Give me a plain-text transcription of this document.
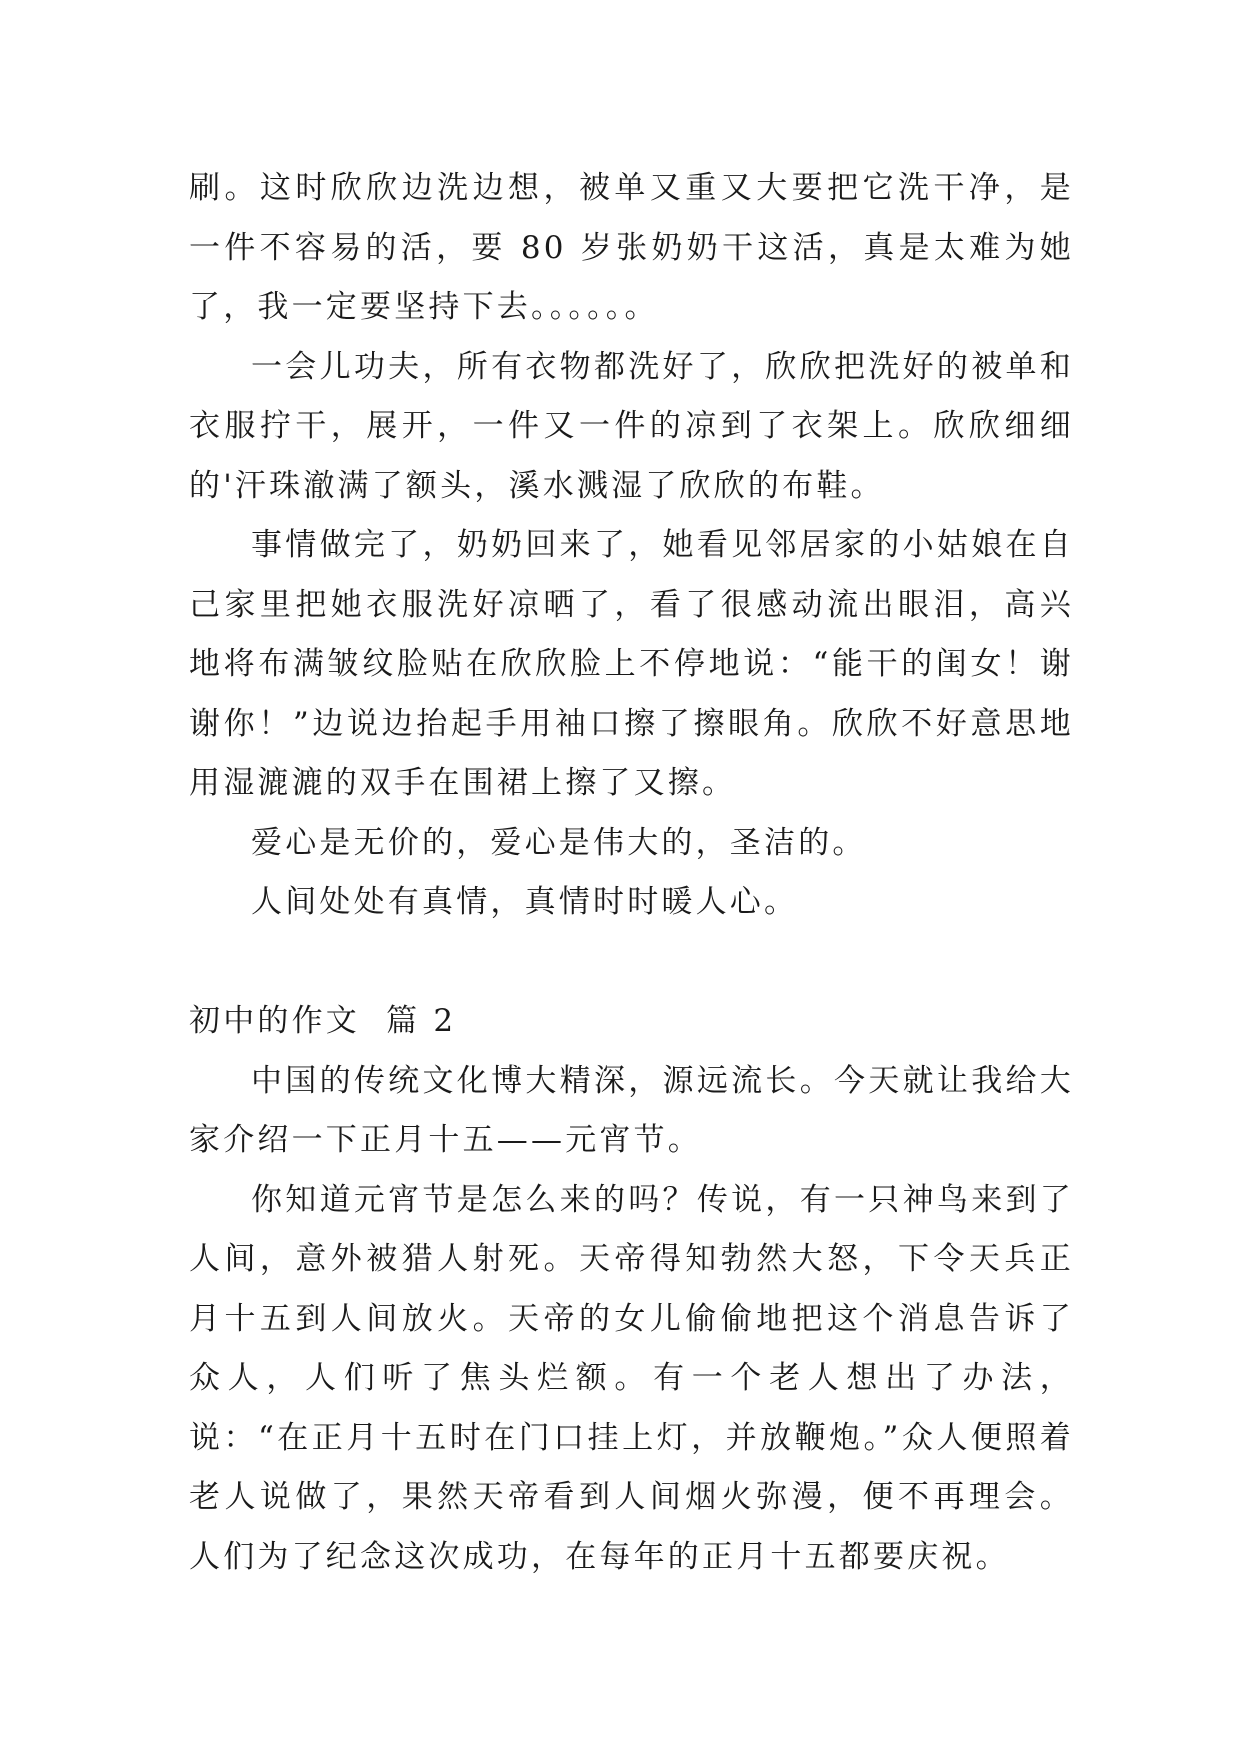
刷。这时欣欣边洗边想，被单又重又大要把它洗干净，是一件不容易的活，要 80 岁张奶奶干这活，真是太难为她了，我一定要坚持下去。。。。。。

一会儿功夫，所有衣物都洗好了，欣欣把洗好的被单和衣服拧干，展开，一件又一件的凉到了衣架上。欣欣细细的'汗珠澈满了额头，溪水溅湿了欣欣的布鞋。

事情做完了，奶奶回来了，她看见邻居家的小姑娘在自己家里把她衣服洗好凉晒了，看了很感动流出眼泪，高兴地将布满皱纹脸贴在欣欣脸上不停地说：“能干的闺女！谢谢你！”边说边抬起手用袖口擦了擦眼角。欣欣不好意思地用湿漉漉的双手在围裙上擦了又擦。

爱心是无价的，爱心是伟大的，圣洁的。

人间处处有真情，真情时时暖人心。

初中的作文  篇 2

中国的传统文化博大精深，源远流长。今天就让我给大家介绍一下正月十五——元宵节。

你知道元宵节是怎么来的吗？传说，有一只神鸟来到了人间，意外被猎人射死。天帝得知勃然大怒，下令天兵正月十五到人间放火。天帝的女儿偷偷地把这个消息告诉了众人，人们听了焦头烂额。有一个老人想出了办法，说：“在正月十五时在门口挂上灯，并放鞭炮。”众人便照着老人说做了，果然天帝看到人间烟火弥漫，便不再理会。人们为了纪念这次成功，在每年的正月十五都要庆祝。
